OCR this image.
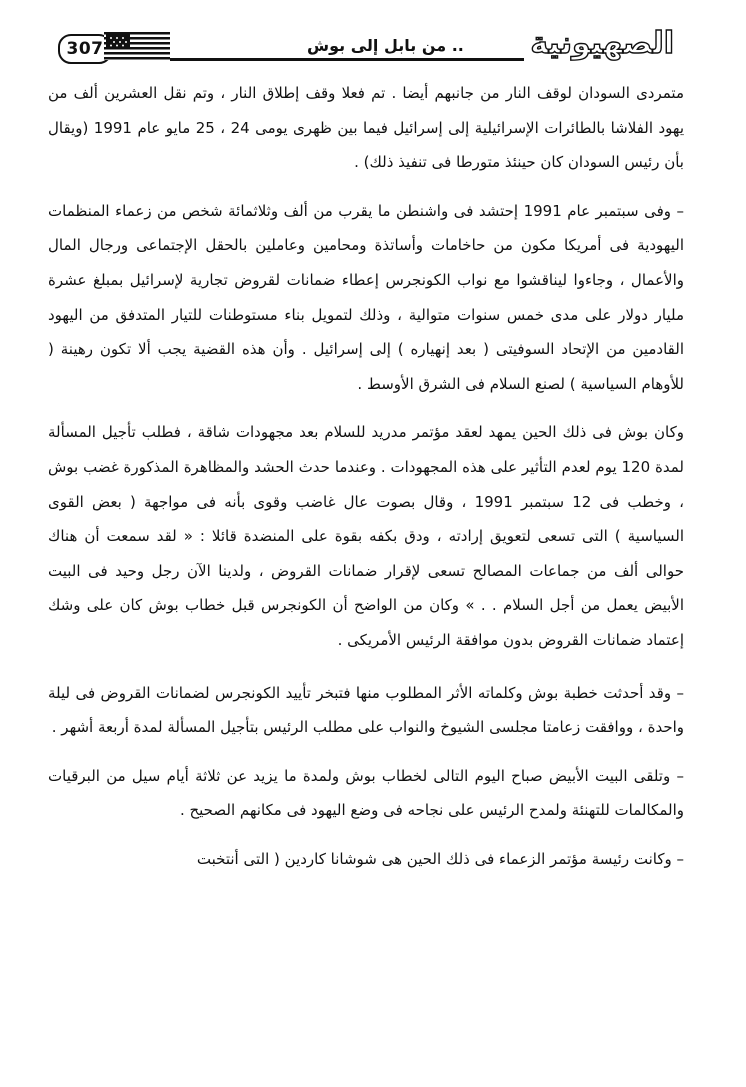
307	.. من بابل إلى بوش الصهيونية

متمردى السودان لوقف النار من جانبهم أيضا . تم فعلا وقف إطلاق النار ، وتم نقل العشرين ألف من يهود الفلاشا بالطائرات الإسرائيلية إلى إسرائيل فيما بين ظهرى يومى 24 ، 25 مايو عام 1991 (ويقال بأن رئيس السودان كان حينئذ متورطا فى تنفيذ ذلك) .

– وفى سبتمبر عام 1991 إحتشد فى واشنطن ما يقرب من ألف وثلاثمائة شخص من زعماء المنظمات اليهودية فى أمريكا مكون من حاخامات وأساتذة ومحامين وعاملين بالحقل الإجتماعى ورجال المال والأعمال ، وجاءوا ليناقشوا مع نواب الكونجرس إعطاء ضمانات لقروض تجارية لإسرائيل بمبلغ عشرة مليار دولار على مدى خمس سنوات متوالية ، وذلك لتمويل بناء مستوطنات للتيار المتدفق من اليهود القادمين من الإتحاد السوفيتى ( بعد إنهياره ) إلى إسرائيل . وأن هذه القضية يجب ألا تكون رهينة ( للأوهام السياسية ) لصنع السلام فى الشرق الأوسط .

وكان بوش فى ذلك الحين يمهد لعقد مؤتمر مدريد للسلام بعد مجهودات شاقة ، فطلب تأجيل المسألة لمدة 120 يوم لعدم التأثير على هذه المجهودات . وعندما حدث الحشد والمظاهرة المذكورة غضب بوش ، وخطب فى 12 سبتمبر 1991 ، وقال بصوت عال غاضب وقوى بأنه فى مواجهة ( بعض القوى السياسية ) التى تسعى لتعويق إرادته ، ودق بكفه بقوة على المنضدة قائلا : « لقد سمعت أن هناك حوالى ألف من جماعات المصالح تسعى لإقرار ضمانات القروض ، ولدينا الآن رجل وحيد فى البيت الأبيض يعمل من أجل السلام . . » وكان من الواضح أن الكونجرس قبل خطاب بوش كان على وشك إعتماد ضمانات القروض بدون موافقة الرئيس الأمريكى .

– وقد أحدثت خطبة بوش وكلماته الأثر المطلوب منها فتبخر تأييد الكونجرس لضمانات القروض فى ليلة واحدة ، ووافقت زعامتا مجلسى الشيوخ والنواب على مطلب الرئيس بتأجيل المسألة لمدة أربعة أشهر .

– وتلقى البيت الأبيض صباح اليوم التالى لخطاب بوش ولمدة ما يزيد عن ثلاثة أيام سيل من البرقيات والمكالمات للتهنئة ولمدح الرئيس على نجاحه فى وضع اليهود فى مكانهم الصحيح .

– وكانت رئيسة مؤتمر الزعماء فى ذلك الحين هى شوشانا كاردين ( التى أنتخبت
